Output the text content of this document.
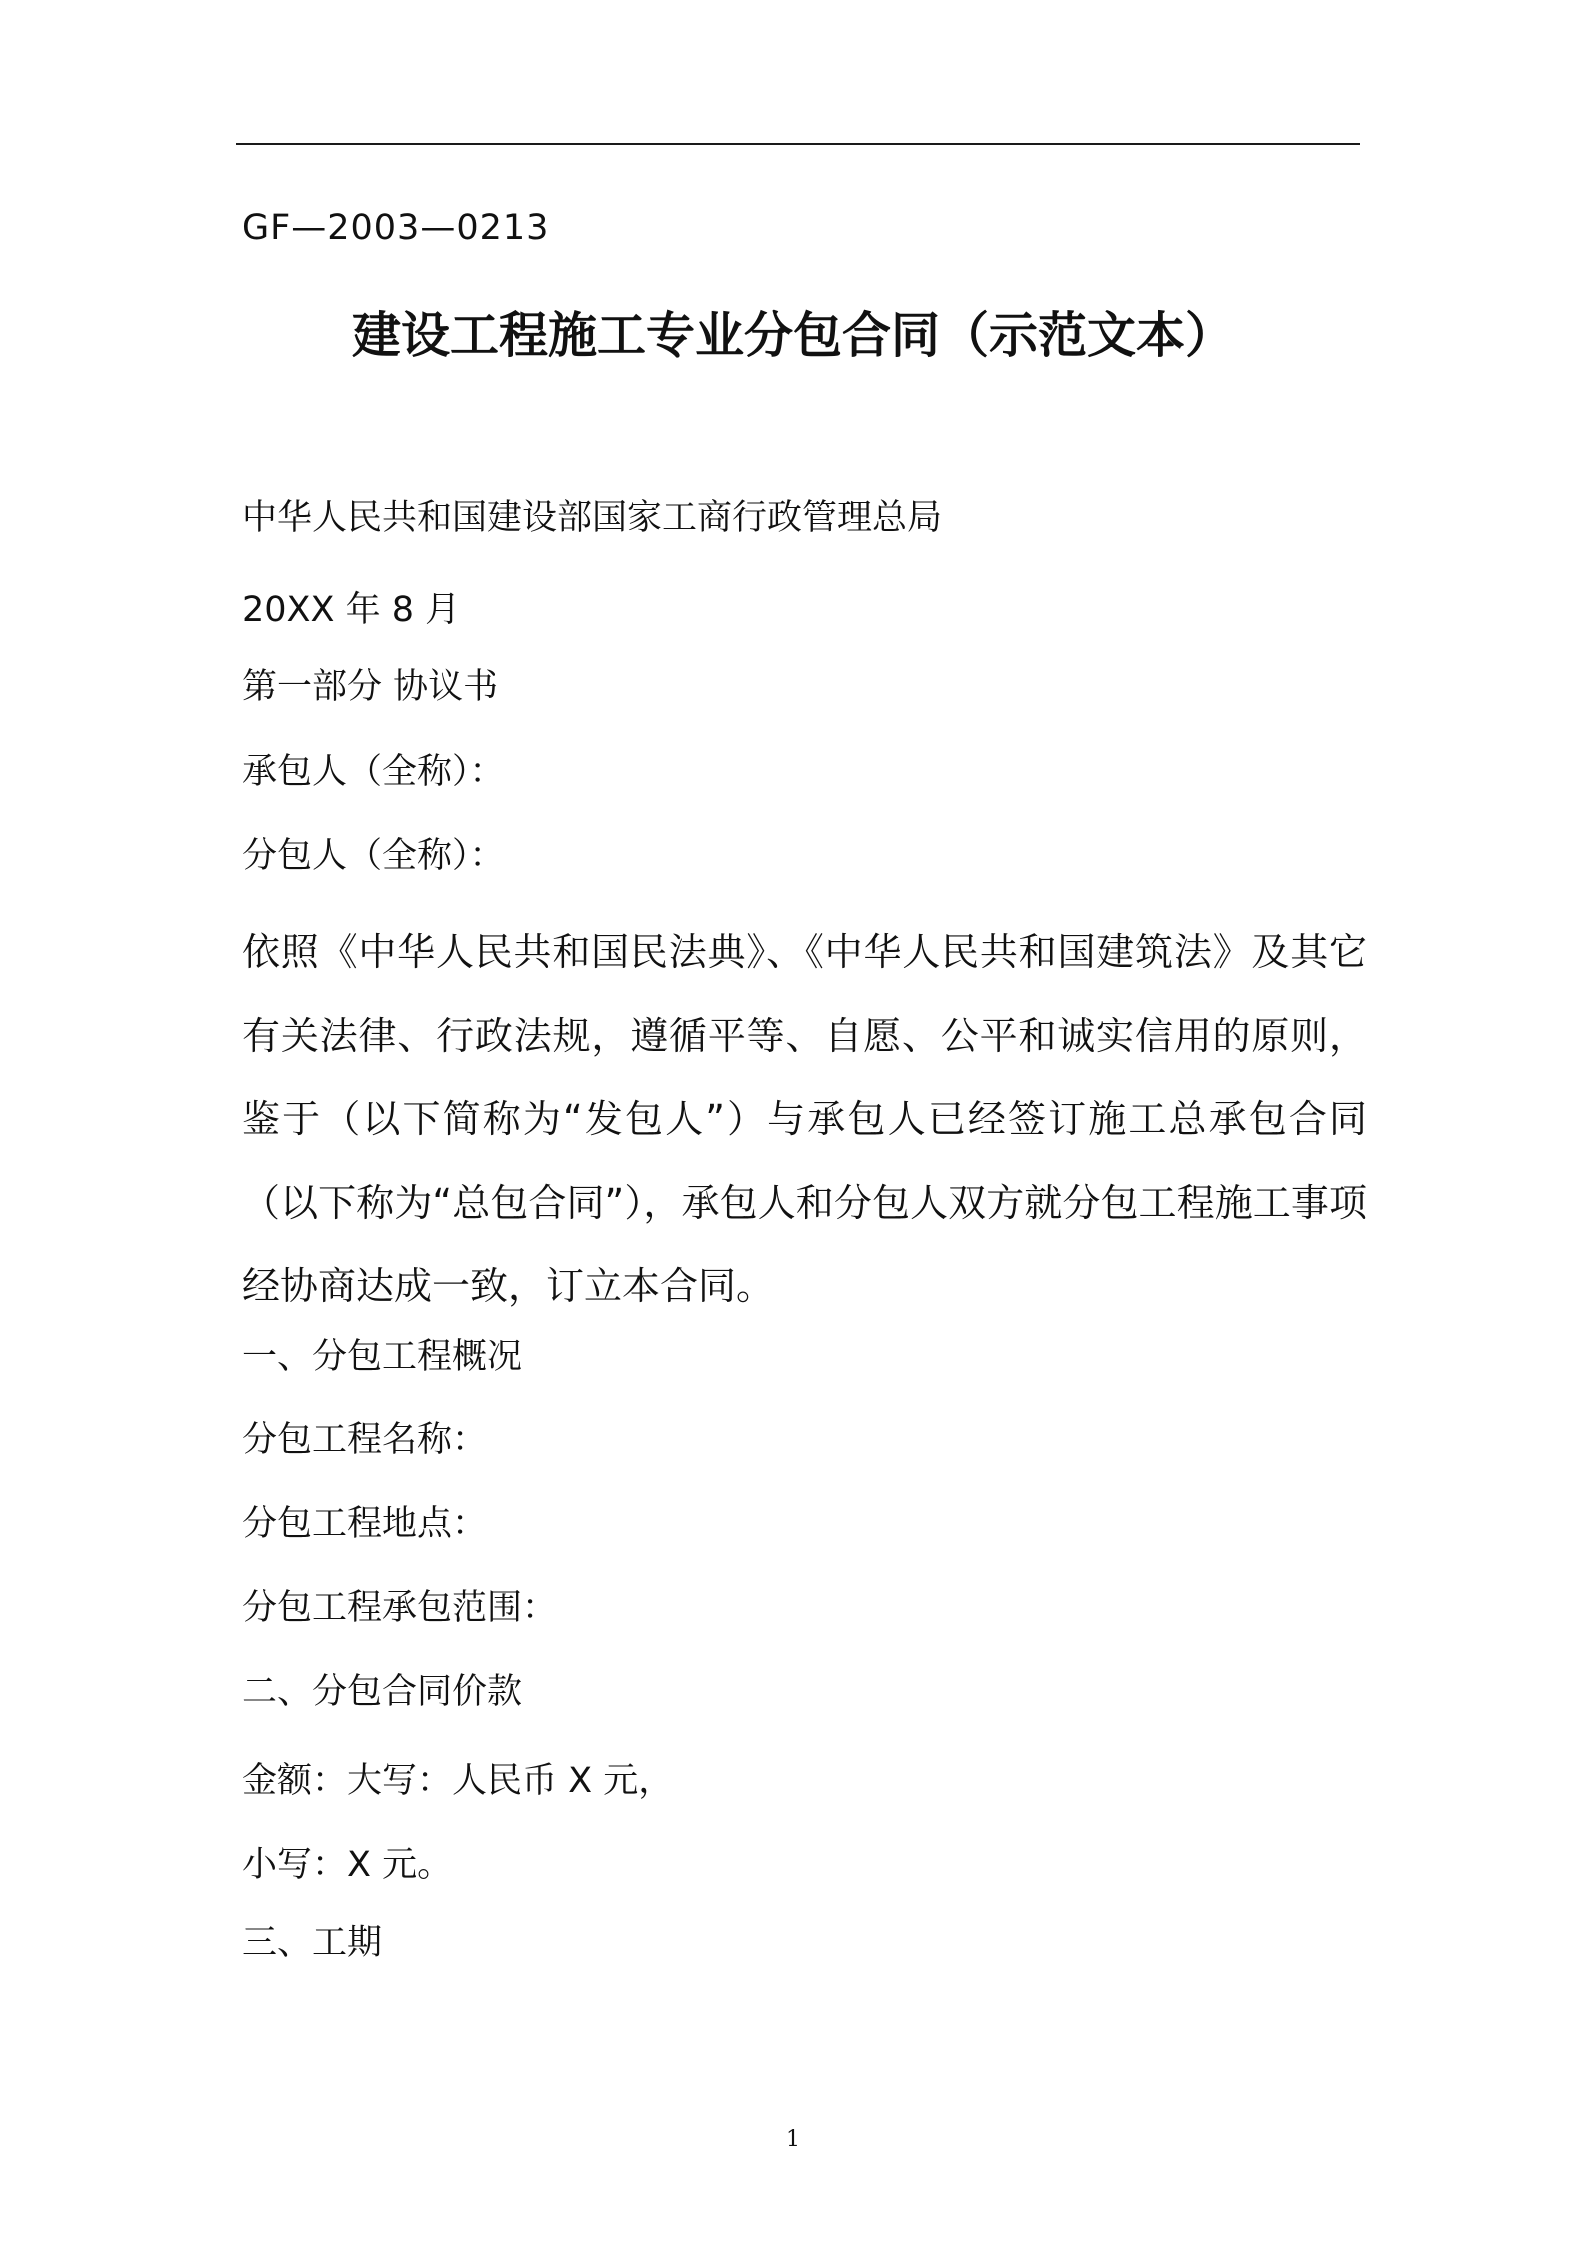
GF—2003—0213
建设工程施工专业分包合同（示范文本）
中华人民共和国建设部国家工商行政管理总局
20XX 年 8 月
第一部分 协议书
承包人（全称）：
分包人（全称）：
依照《中华人民共和国民法典》、《中华人民共和国建筑法》及其它有关法律、行政法规，遵循平等、自愿、公平和诚实信用的原则，鉴于（以下简称为“发包人”）与承包人已经签订施工总承包合同（以下称为“总包合同”），承包人和分包人双方就分包工程施工事项经协商达成一致，订立本合同。
一、分包工程概况
分包工程名称：
分包工程地点：
分包工程承包范围：
二、分包合同价款
金额：大写：人民币 X 元，
小写：X 元。
三、工期
1
